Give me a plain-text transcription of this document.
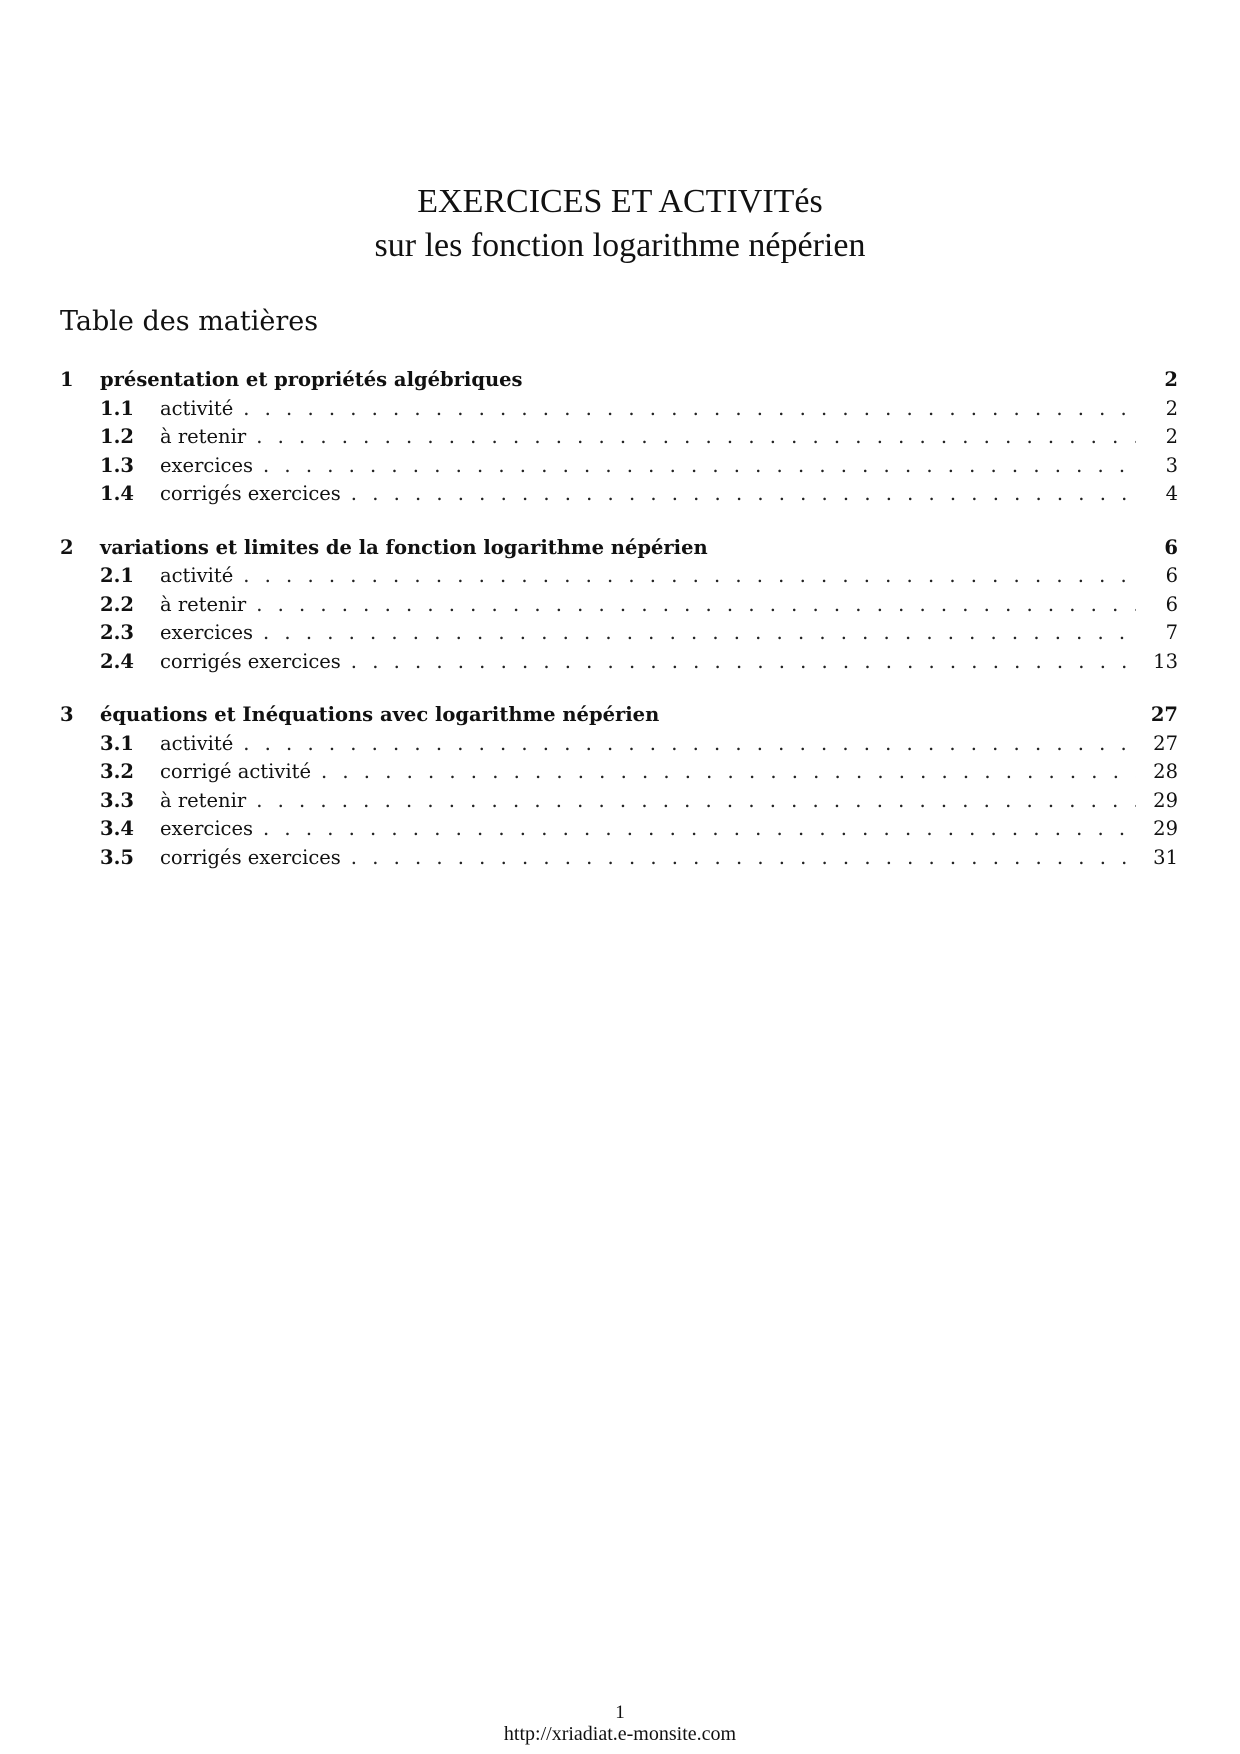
EXERCICES ET ACTIVITés
sur les fonction logarithme népérien
Table des matières
1	présentation et propriétés algébriques	2
1.1	activité . . .	2
1.2	à retenir . . .	2
1.3	exercices . . .	3
1.4	corrigés exercices . . .	4
2	variations et limites de la fonction logarithme népérien	6
2.1	activité . . .	6
2.2	à retenir . . .	6
2.3	exercices . . .	7
2.4	corrigés exercices . . .	13
3	équations et Inéquations avec logarithme népérien	27
3.1	activité . . .	27
3.2	corrigé activité . . .	28
3.3	à retenir . . .	29
3.4	exercices . . .	29
3.5	corrigés exercices . . .	31
1
http://xriadiat.e-monsite.com
